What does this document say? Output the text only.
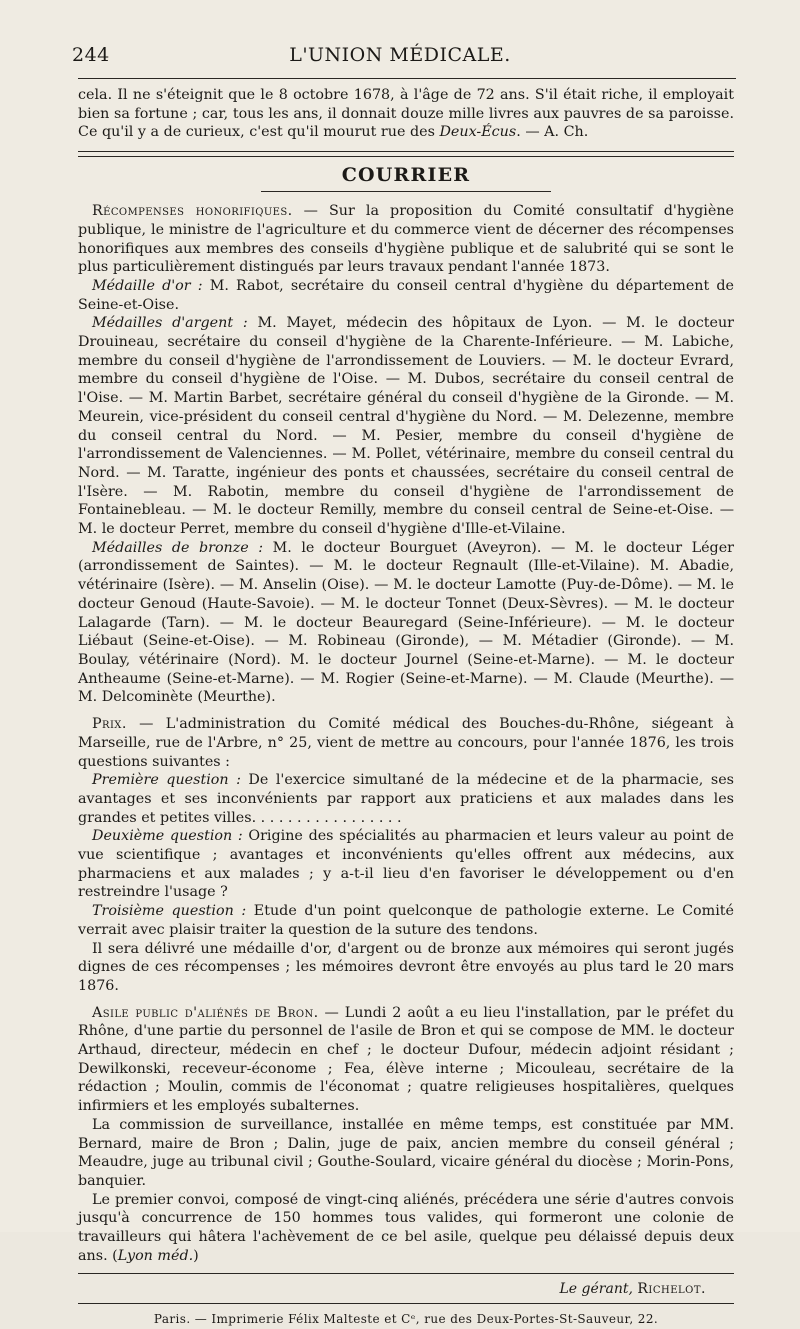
244	L'UNION MÉDICALE.

cela. Il ne s'éteignit que le 8 octobre 1678, à l'âge de 72 ans. S'il était riche, il employait bien sa fortune ; car, tous les ans, il donnait douze mille livres aux pauvres de sa paroisse. Ce qu'il y a de curieux, c'est qu'il mourut rue des Deux-Écus. — A. Ch.

COURRIER

Récompenses honorifiques. — Sur la proposition du Comité consultatif d'hygiène publique, le ministre de l'agriculture et du commerce vient de décerner des récompenses honorifiques aux membres des conseils d'hygiène publique et de salubrité qui se sont le plus particulièrement distingués par leurs travaux pendant l'année 1873.

Médaille d'or : M. Rabot, secrétaire du conseil central d'hygiène du département de Seine-et-Oise.

Médailles d'argent : M. Mayet, médecin des hôpitaux de Lyon. — M. le docteur Drouineau, secrétaire du conseil d'hygiène de la Charente-Inférieure. — M. Labiche, membre du conseil d'hygiène de l'arrondissement de Louviers. — M. le docteur Evrard, membre du conseil d'hygiène de l'Oise. — M. Dubos, secrétaire du conseil central de l'Oise. — M. Martin Barbet, secrétaire général du conseil d'hygiène de la Gironde. — M. Meurein, vice-président du conseil central d'hygiène du Nord. — M. Delezenne, membre du conseil central du Nord. — M. Pesier, membre du conseil d'hygiène de l'arrondissement de Valenciennes. — M. Pollet, vétérinaire, membre du conseil central du Nord. — M. Taratte, ingénieur des ponts et chaussées, secrétaire du conseil central de l'Isère. — M. Rabotin, membre du conseil d'hygiène de l'arrondissement de Fontainebleau. — M. le docteur Remilly, membre du conseil central de Seine-et-Oise. — M. le docteur Perret, membre du conseil d'hygiène d'Ille-et-Vilaine.

Médailles de bronze : M. le docteur Bourguet (Aveyron). — M. le docteur Léger (arrondissement de Saintes). — M. le docteur Regnault (Ille-et-Vilaine). M. Abadie, vétérinaire (Isère). — M. Anselin (Oise). — M. le docteur Lamotte (Puy-de-Dôme). — M. le docteur Genoud (Haute-Savoie). — M. le docteur Tonnet (Deux-Sèvres). — M. le docteur Lalagarde (Tarn). — M. le docteur Beauregard (Seine-Inférieure). — M. le docteur Liébaut (Seine-et-Oise). — M. Robineau (Gironde), — M. Métadier (Gironde). — M. Boulay, vétérinaire (Nord). M. le docteur Journel (Seine-et-Marne). — M. le docteur Antheaume (Seine-et-Marne). — M. Rogier (Seine-et-Marne). — M. Claude (Meurthe). — M. Delcominète (Meurthe).

Prix. — L'administration du Comité médical des Bouches-du-Rhône, siégeant à Marseille, rue de l'Arbre, n° 25, vient de mettre au concours, pour l'année 1876, les trois questions suivantes :

Première question : De l'exercice simultané de la médecine et de la pharmacie, ses avantages et ses inconvénients par rapport aux praticiens et aux malades dans les grandes et petites villes. . . . . . . . . . . . . . . . .

Deuxième question : Origine des spécialités au pharmacien et leurs valeur au point de vue scientifique ; avantages et inconvénients qu'elles offrent aux médecins, aux pharmaciens et aux malades ; y a-t-il lieu d'en favoriser le développement ou d'en restreindre l'usage ?

Troisième question : Etude d'un point quelconque de pathologie externe. Le Comité verrait avec plaisir traiter la question de la suture des tendons.

Il sera délivré une médaille d'or, d'argent ou de bronze aux mémoires qui seront jugés dignes de ces récompenses ; les mémoires devront être envoyés au plus tard le 20 mars 1876.

Asile public d'aliénés de Bron. — Lundi 2 août a eu lieu l'installation, par le préfet du Rhône, d'une partie du personnel de l'asile de Bron et qui se compose de MM. le docteur Arthaud, directeur, médecin en chef ; le docteur Dufour, médecin adjoint résidant ; Dewilkonski, receveur-économe ; Fea, élève interne ; Micouleau, secrétaire de la rédaction ; Moulin, commis de l'économat ; quatre religieuses hospitalières, quelques infirmiers et les employés subalternes.

La commission de surveillance, installée en même temps, est constituée par MM. Bernard, maire de Bron ; Dalin, juge de paix, ancien membre du conseil général ; Meaudre, juge au tribunal civil ; Gouthe-Soulard, vicaire général du diocèse ; Morin-Pons, banquier.

Le premier convoi, composé de vingt-cinq aliénés, précédera une série d'autres convois jusqu'à concurrence de 150 hommes tous valides, qui formeront une colonie de travailleurs qui hâtera l'achèvement de ce bel asile, quelque peu délaissé depuis deux ans. (Lyon méd.)

Le gérant, Richelot.
Paris. — Imprimerie Félix Malteste et Cᵉ, rue des Deux-Portes-St-Sauveur, 22.
